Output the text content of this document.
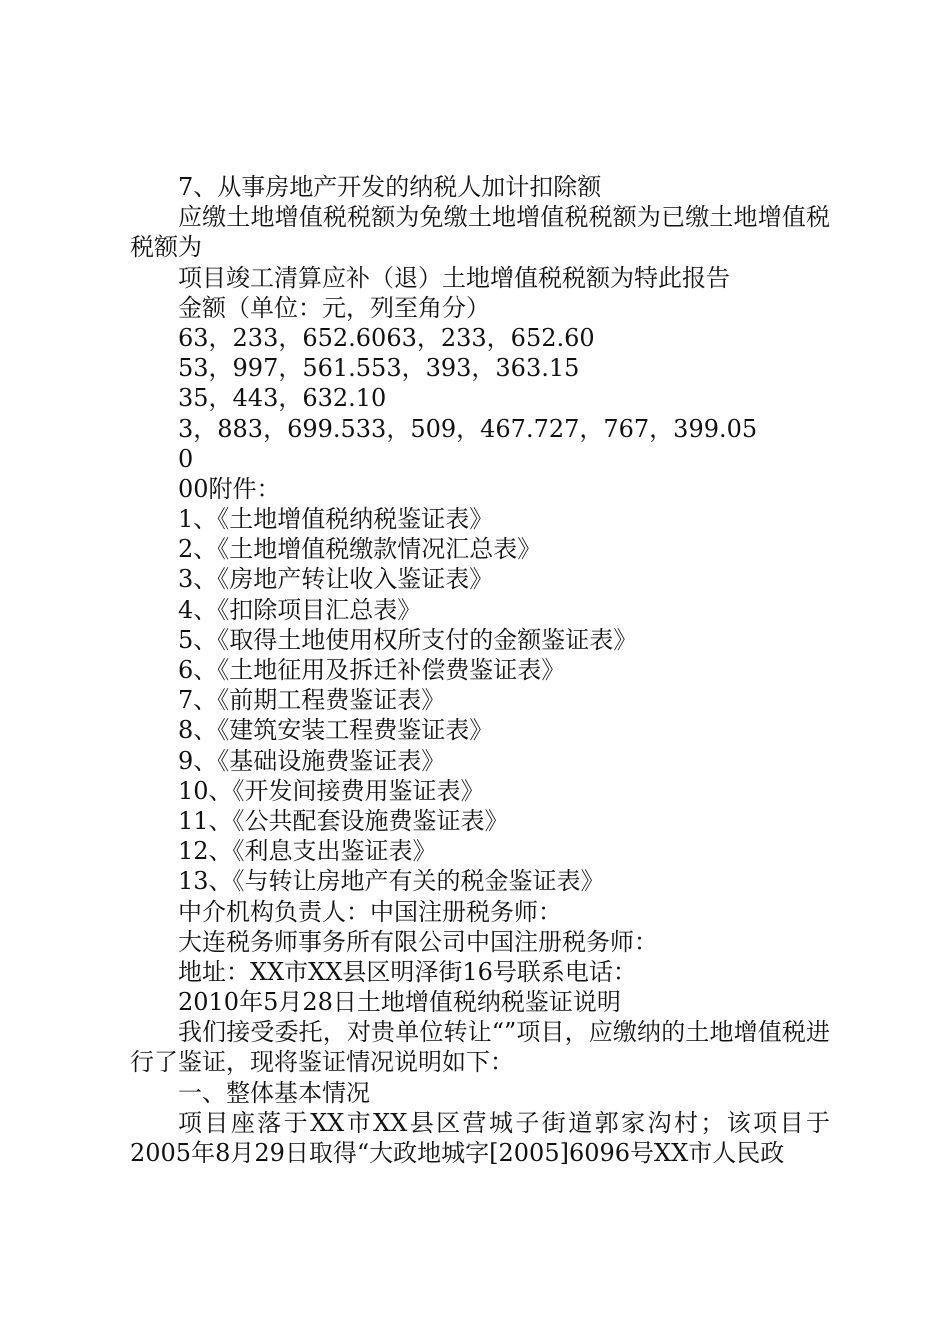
7、从事房地产开发的纳税人加计扣除额
应缴土地增值税税额为免缴土地增值税税额为已缴土地增值税税额为
项目竣工清算应补（退）土地增值税税额为特此报告
金额（单位：元，列至角分）
63，233，652.6063，233，652.60
53，997，561.553，393，363.15
35，443，632.10
3，883，699.533，509，467.727，767，399.05
0
00附件：
1、《土地增值税纳税鉴证表》
2、《土地增值税缴款情况汇总表》
3、《房地产转让收入鉴证表》
4、《扣除项目汇总表》
5、《取得土地使用权所支付的金额鉴证表》
6、《土地征用及拆迁补偿费鉴证表》
7、《前期工程费鉴证表》
8、《建筑安装工程费鉴证表》
9、《基础设施费鉴证表》
10、《开发间接费用鉴证表》
11、《公共配套设施费鉴证表》
12、《利息支出鉴证表》
13、《与转让房地产有关的税金鉴证表》
中介机构负责人：中国注册税务师：
大连税务师事务所有限公司中国注册税务师：
地址：XX市XX县区明泽街16号联系电话：
2010年5月28日土地增值税纳税鉴证说明
我们接受委托，对贵单位转让“”项目，应缴纳的土地增值税进行了鉴证，现将鉴证情况说明如下：
一、整体基本情况
项目座落于XX市XX县区营城子街道郭家沟村；该项目于2005年8月29日取得“大政地城字[2005]6096号XX市人民政
